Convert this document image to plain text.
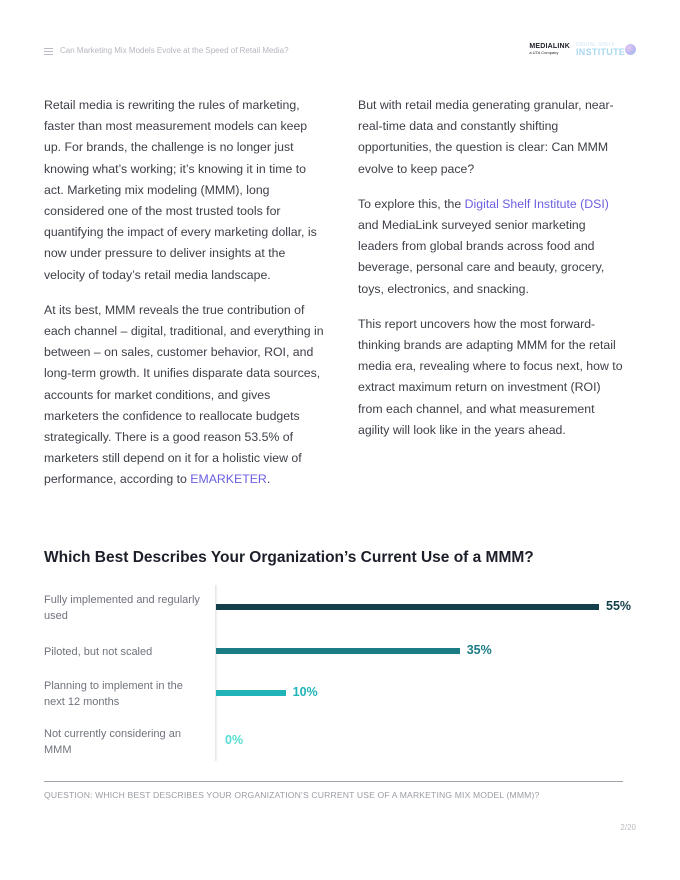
Can Marketing Mix Models Evolve at the Speed of Retail Media?	MEDIALINK
a UTA Company
DIGITAL SHELF
INSTITUTE

Retail media is rewriting the rules of marketing, faster than most measurement models can keep up. For brands, the challenge is no longer just knowing what’s working; it’s knowing it in time to act. Marketing mix modeling (MMM), long considered one of the most trusted tools for quantifying the impact of every marketing dollar, is now under pressure to deliver insights at the velocity of today’s retail media landscape.

At its best, MMM reveals the true contribution of each channel – digital, traditional, and everything in between – on sales, customer behavior, ROI, and long-term growth. It unifies disparate data sources, accounts for market conditions, and gives marketers the confidence to reallocate budgets strategically. There is a good reason 53.5% of marketers still depend on it for a holistic view of performance, according to EMARKETER.

But with retail media generating granular, near-real-time data and constantly shifting opportunities, the question is clear: Can MMM evolve to keep pace?

To explore this, the Digital Shelf Institute (DSI) and MediaLink surveyed senior marketing leaders from global brands across food and beverage, personal care and beauty, grocery, toys, electronics, and snacking.

This report uncovers how the most forward-thinking brands are adapting MMM for the retail media era, revealing where to focus next, how to extract maximum return on investment (ROI) from each channel, and what measurement agility will look like in the years ahead.

Which Best Describes Your Organization’s Current Use of a MMM?
Fully implemented and regularly used
55%
Piloted, but not scaled	35%
Planning to implement in the next 12 months
10%
Not currently considering an MMM
0%
QUESTION: WHICH BEST DESCRIBES YOUR ORGANIZATION’S CURRENT USE OF A MARKETING MIX MODEL (MMM)?
2/20
